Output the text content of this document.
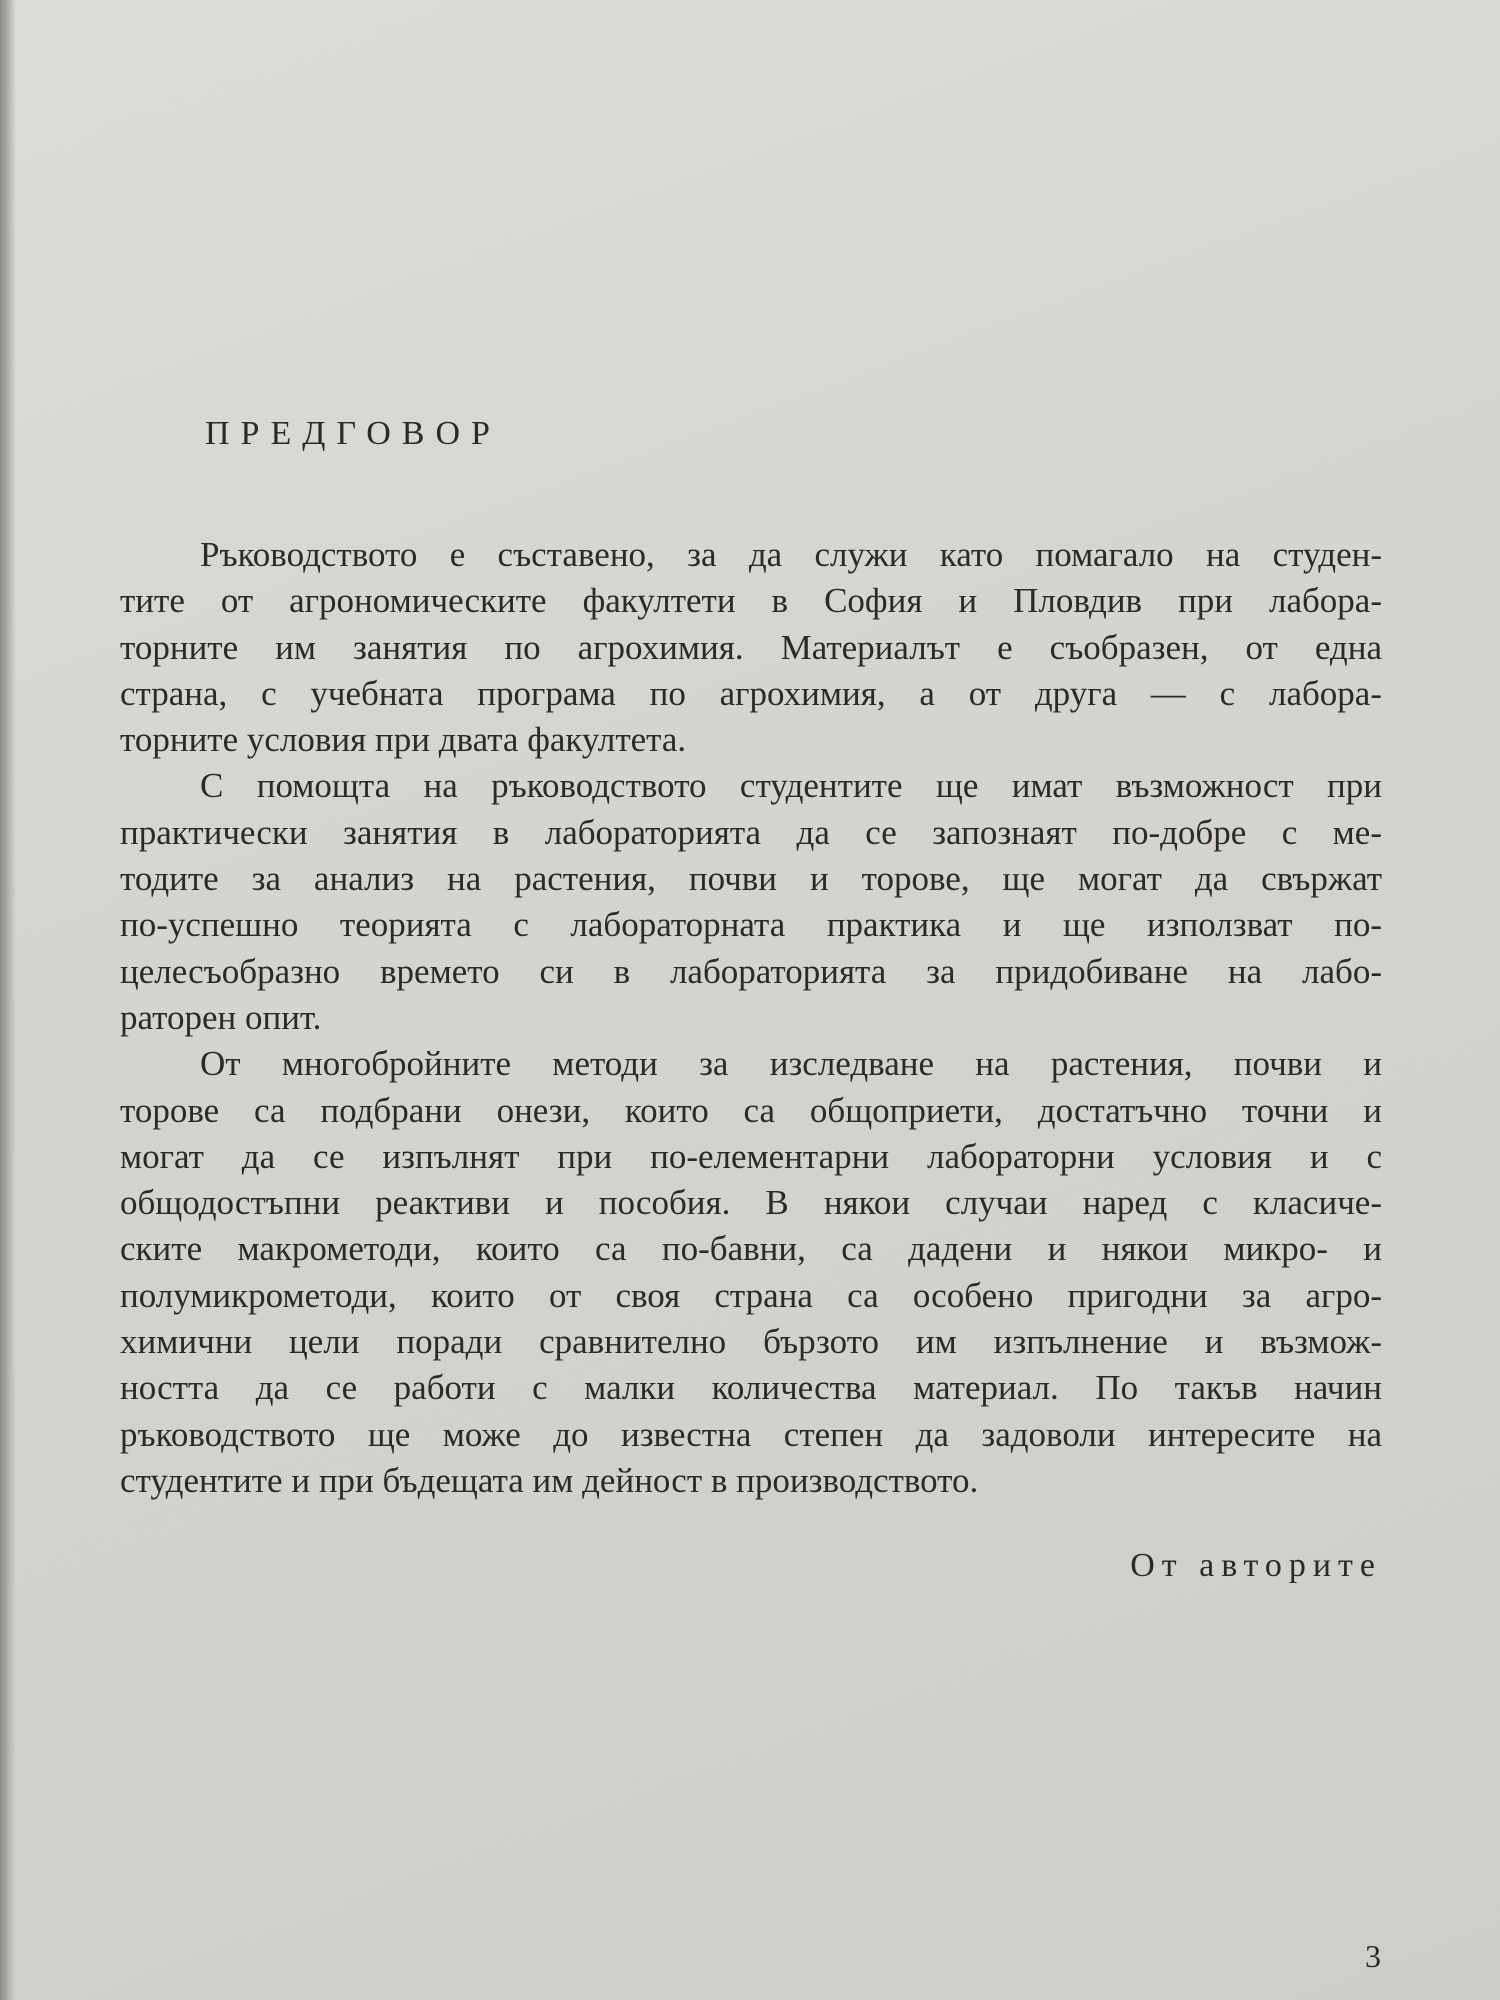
ПРЕДГОВОР
Ръководството е съставено, за да служи като помагало на студен-
тите от агрономическите факултети в София и Пловдив при лабора-
торните им занятия по агрохимия. Материалът е съобразен, от една
страна, с учебната програма по агрохимия, а от друга — с лабора-
торните условия при двата факултета.
С помощта на ръководството студентите ще имат възможност при
практически занятия в лабораторията да се запознаят по-добре с ме-
тодите за анализ на растения, почви и торове, ще могат да свържат
по-успешно теорията с лабораторната практика и ще използват по-
целесъобразно времето си в лабораторията за придобиване на лабо-
раторен опит.
От многобройните методи за изследване на растения, почви и
торове са подбрани онези, които са общоприети, достатъчно точни и
могат да се изпълнят при по-елементарни лабораторни условия и с
общодостъпни реактиви и пособия. В някои случаи наред с класиче-
ските макрометоди, които са по-бавни, са дадени и някои микро- и
полумикрометоди, които от своя страна са особено пригодни за агро-
химични цели поради сравнително бързото им изпълнение и възмож-
ността да се работи с малки количества материал. По такъв начин
ръководството ще може до известна степен да задоволи интересите на
студентите и при бъдещата им дейност в производството.
От авторите
3
